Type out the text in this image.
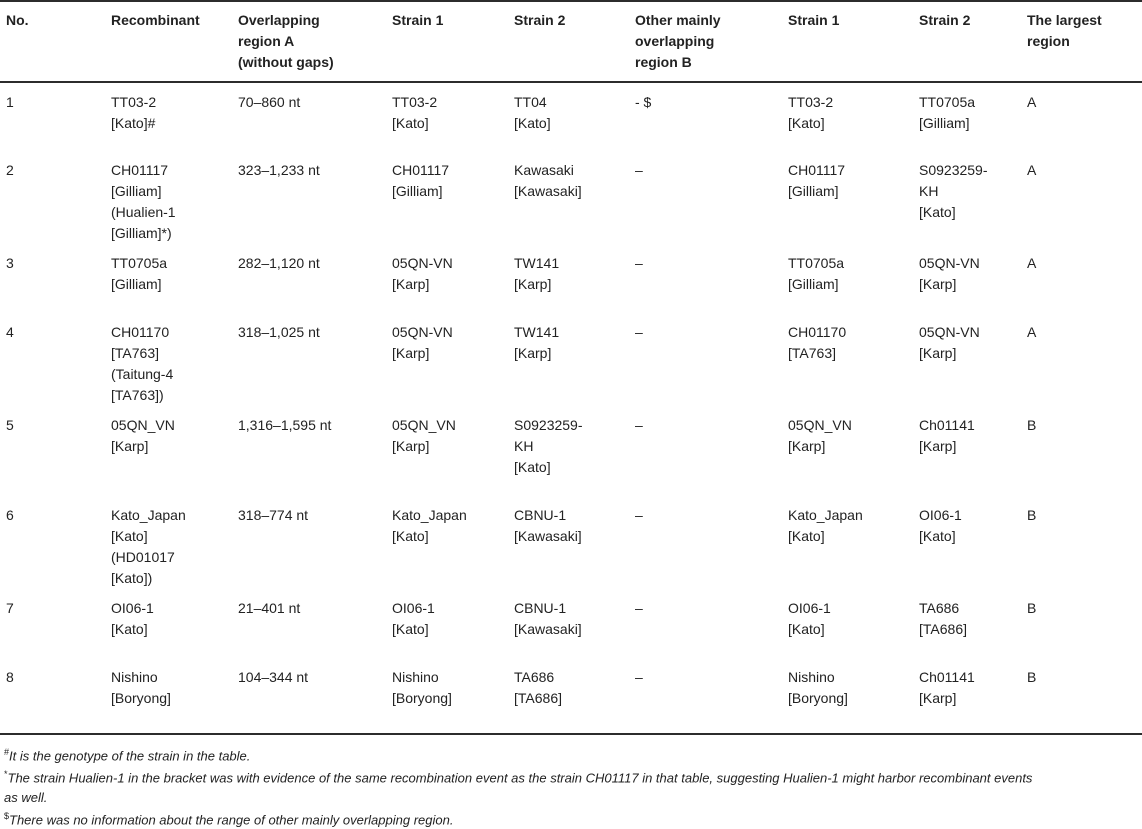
No.	Recombinant	Overlapping
region A
(without gaps)	Strain 1	Strain 2	Other mainly
overlapping
region B	Strain 1	Strain 2	The largest
region

1	TT03-2
[Kato]#	70–860 nt	TT03-2
[Kato]	TT04
[Kato]	- $	TT03-2
[Kato]	TT0705a
[Gilliam]	A

2	CH01117
[Gilliam]
(Hualien-1
[Gilliam]*)	323–1,233 nt	CH01117
[Gilliam]	Kawasaki
[Kawasaki]	–	CH01117
[Gilliam]	S0923259-
KH
[Kato]	A

3	TT0705a
[Gilliam]	282–1,120 nt	05QN-VN
[Karp]	TW141
[Karp]	–	TT0705a
[Gilliam]	05QN-VN
[Karp]	A

4	CH01170
[TA763]
(Taitung-4
[TA763])	318–1,025 nt	05QN-VN
[Karp]	TW141
[Karp]	–	CH01170
[TA763]	05QN-VN
[Karp]	A

5	05QN_VN
[Karp]	1,316–1,595 nt	05QN_VN
[Karp]	S0923259-
KH
[Kato]	–	05QN_VN
[Karp]	Ch01141
[Karp]	B

6	Kato_Japan
[Kato]
(HD01017
[Kato])	318–774 nt	Kato_Japan
[Kato]	CBNU-1
[Kawasaki]	–	Kato_Japan
[Kato]	OI06-1
[Kato]	B

7	OI06-1
[Kato]	21–401 nt	OI06-1
[Kato]	CBNU-1
[Kawasaki]	–	OI06-1
[Kato]	TA686
[TA686]	B

8	Nishino
[Boryong]	104–344 nt	Nishino
[Boryong]	TA686
[TA686]	–	Nishino
[Boryong]	Ch01141
[Karp]	B

#It is the genotype of the strain in the table.

*The strain Hualien-1 in the bracket was with evidence of the same recombination event as the strain CH01117 in that table, suggesting Hualien-1 might harbor recombinant events

as well.

$There was no information about the range of other mainly overlapping region.
